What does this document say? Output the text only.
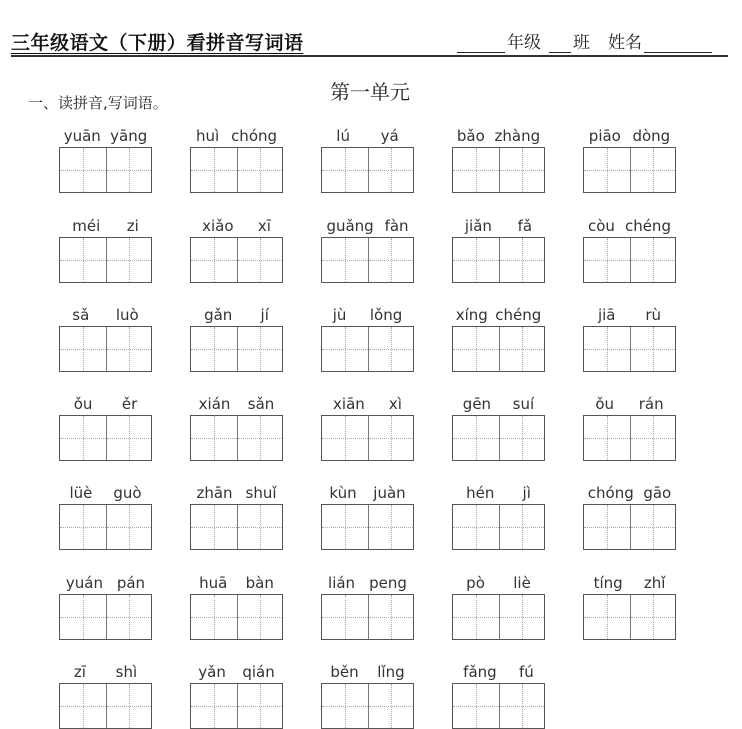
三年级语文（下册）看拼音写词语	年级 班 姓名
第一单元
一、读拼音,写词语。
yuān yāng	huì chóng	lú yá	bǎo zhàng	piāo dòng
méi zi	xiǎo xī	guǎng fàn	jiǎn fǎ	còu chéng
sǎ luò	gǎn jí	jù lǒng	xíng chéng	jiā rù
ǒu ěr	xián sǎn	xiān xì	gēn suí	ǒu rán
lüè guò	zhān shuǐ	kùn juàn	hén jì	chóng gāo
yuán pán	huā bàn	lián peng	pò liè	tíng zhǐ
zī shì	yǎn qián	běn lǐng	fǎng fú
